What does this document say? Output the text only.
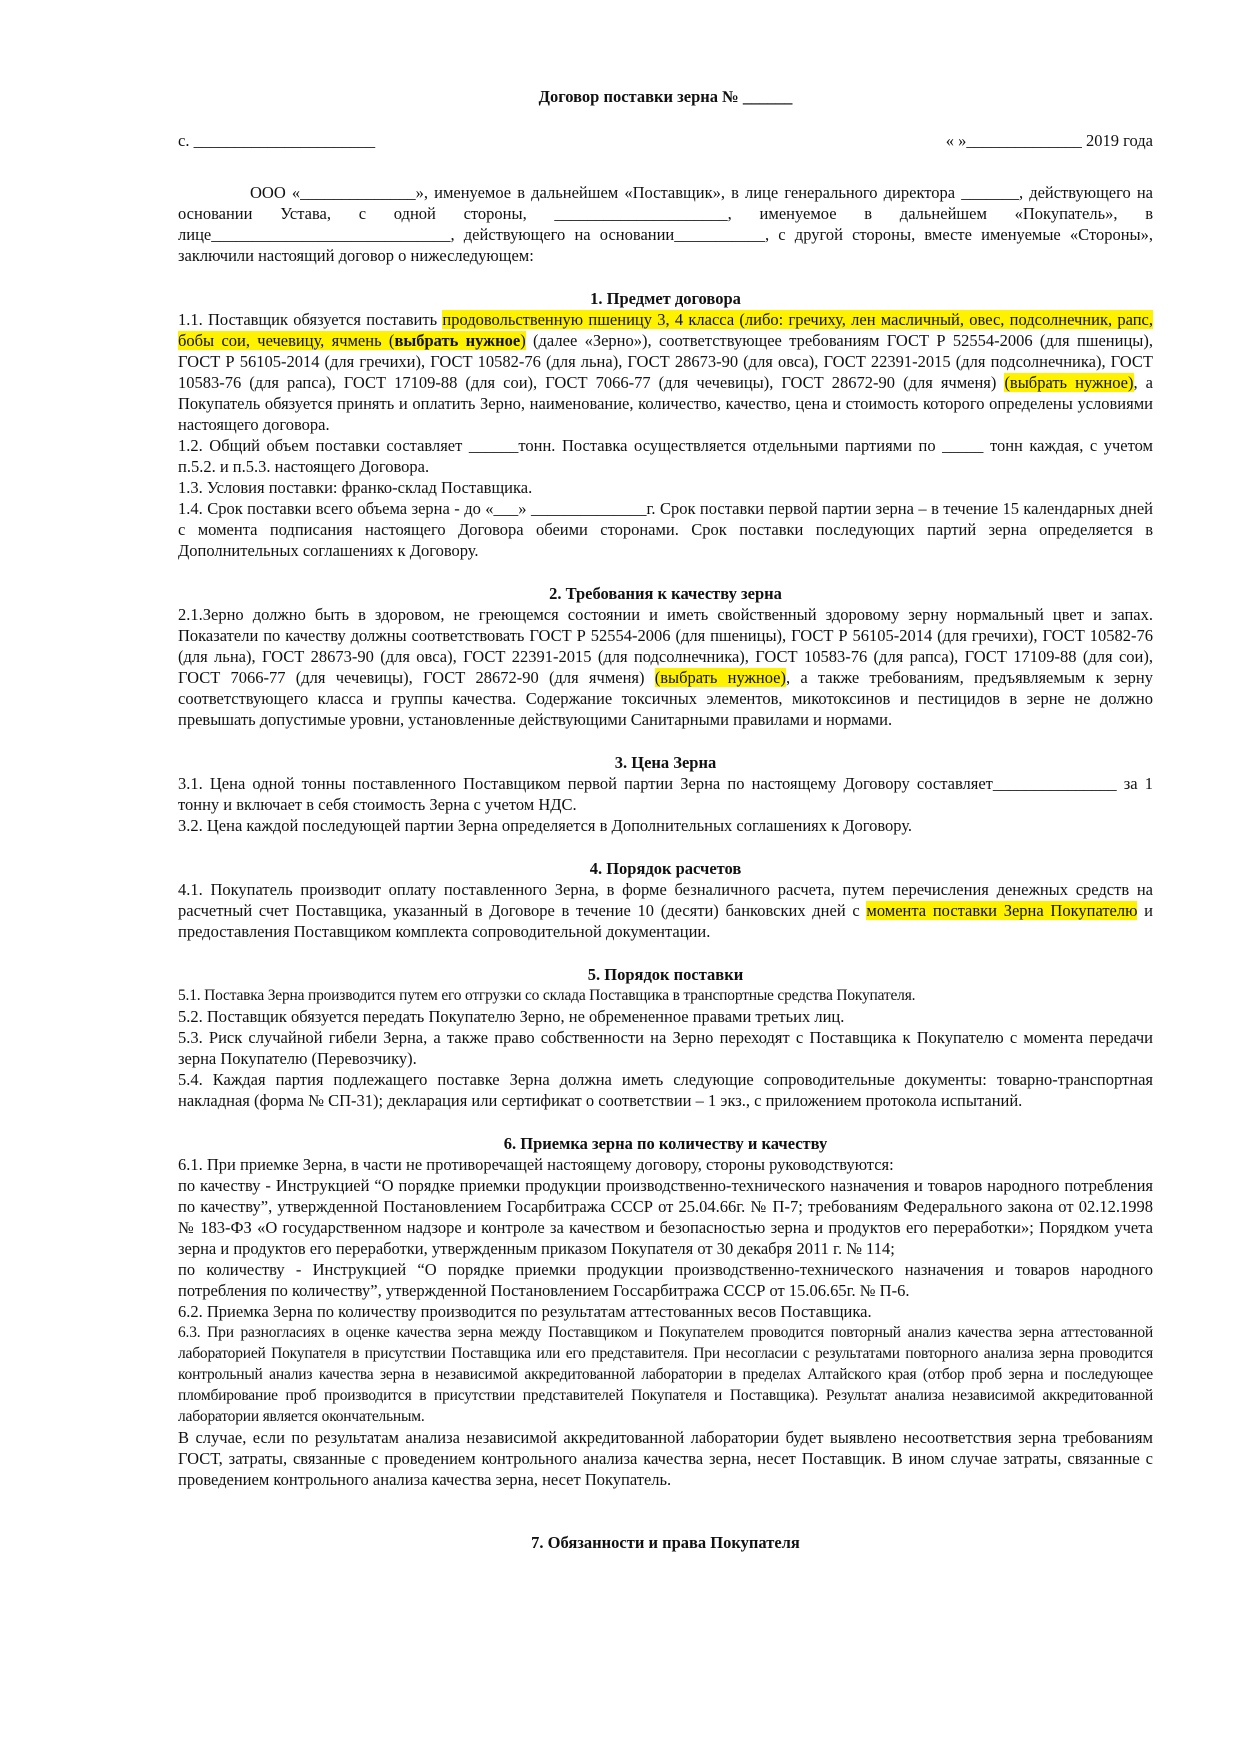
Договор поставки зерна № ______
с. ______________________	« »______________ 2019 года

ООО «______________», именуемое в дальнейшем «Поставщик», в лице генерального директора _______, действующего на основании Устава, с одной стороны, _____________________, именуемое в дальнейшем «Покупатель», в лице_____________________________, действующего на основании___________, с другой стороны, вместе именуемые «Стороны», заключили настоящий договор о нижеследующем:

1. Предмет договора

1.1. Поставщик обязуется поставить продовольственную пшеницу 3, 4 класса (либо: гречиху, лен масличный, овес, подсолнечник, рапс, бобы сои, чечевицу, ячмень (выбрать нужное) (далее «Зерно»), соответствующее требованиям ГОСТ Р 52554-2006 (для пшеницы), ГОСТ Р 56105-2014 (для гречихи), ГОСТ 10582-76 (для льна), ГОСТ 28673-90 (для овса), ГОСТ 22391-2015 (для подсолнечника), ГОСТ 10583-76 (для рапса), ГОСТ 17109-88 (для сои), ГОСТ 7066-77 (для чечевицы), ГОСТ 28672-90 (для ячменя) (выбрать нужное), а Покупатель обязуется принять и оплатить Зерно, наименование, количество, качество, цена и стоимость которого определены условиями настоящего договора.

1.2. Общий объем поставки составляет ______тонн. Поставка осуществляется отдельными партиями по _____ тонн каждая, с учетом п.5.2. и п.5.3. настоящего Договора.

1.3. Условия поставки: франко-склад Поставщика.

1.4. Срок поставки всего объема зерна - до «___» ______________г. Срок поставки первой партии зерна – в течение 15 календарных дней с момента подписания настоящего Договора обеими сторонами. Срок поставки последующих партий зерна определяется в Дополнительных соглашениях к Договору.

2. Требования к качеству зерна

2.1.Зерно должно быть в здоровом, не греющемся состоянии и иметь свойственный здоровому зерну нормальный цвет и запах. Показатели по качеству должны соответствовать ГОСТ Р 52554-2006 (для пшеницы), ГОСТ Р 56105-2014 (для гречихи), ГОСТ 10582-76 (для льна), ГОСТ 28673-90 (для овса), ГОСТ 22391-2015 (для подсолнечника), ГОСТ 10583-76 (для рапса), ГОСТ 17109-88 (для сои), ГОСТ 7066-77 (для чечевицы), ГОСТ 28672-90 (для ячменя) (выбрать нужное), а также требованиям, предъявляемым к зерну соответствующего класса и группы качества. Содержание токсичных элементов, микотоксинов и пестицидов в зерне не должно превышать допустимые уровни, установленные действующими Санитарными правилами и нормами.

3. Цена Зерна

3.1. Цена одной тонны поставленного Поставщиком первой партии Зерна по настоящему Договору составляет_______________ за 1 тонну и включает в себя стоимость Зерна с учетом НДС.

3.2. Цена каждой последующей партии Зерна определяется в Дополнительных соглашениях к Договору.

4. Порядок расчетов

4.1. Покупатель производит оплату поставленного Зерна, в форме безналичного расчета, путем перечисления денежных средств на расчетный счет Поставщика, указанный в Договоре в течение 10 (десяти) банковских дней с момента поставки Зерна Покупателю и предоставления Поставщиком комплекта сопроводительной документации.

5. Порядок поставки

5.1. Поставка Зерна производится путем его отгрузки со склада Поставщика в транспортные средства Покупателя.

5.2. Поставщик обязуется передать Покупателю Зерно, не обремененное правами третьих лиц.

5.3. Риск случайной гибели Зерна, а также право собственности на Зерно переходят с Поставщика к Покупателю с момента передачи зерна Покупателю (Перевозчику).

5.4. Каждая партия подлежащего поставке Зерна должна иметь следующие сопроводительные документы: товарно-транспортная накладная (форма № СП-31); декларация или сертификат о соответствии – 1 экз., с приложением протокола испытаний.

6. Приемка зерна по количеству и качеству

6.1. При приемке Зерна, в части не противоречащей настоящему договору, стороны руководствуются:

по качеству - Инструкцией “О порядке приемки продукции производственно-технического назначения и товаров народного потребления по качеству”, утвержденной Постановлением Госарбитража СССР от 25.04.66г. № П-7; требованиям Федерального закона от 02.12.1998 № 183-ФЗ «О государственном надзоре и контроле за качеством и безопасностью зерна и продуктов его переработки»; Порядком учета зерна и продуктов его переработки, утвержденным приказом Покупателя от 30 декабря 2011 г. № 114;

по количеству - Инструкцией “О порядке приемки продукции производственно-технического назначения и товаров народного потребления по количеству”, утвержденной Постановлением Госсарбитража СССР от 15.06.65г. № П-6.

6.2. Приемка Зерна по количеству производится по результатам аттестованных весов Поставщика.

6.3. При разногласиях в оценке качества зерна между Поставщиком и Покупателем проводится повторный анализ качества зерна аттестованной лабораторией Покупателя в присутствии Поставщика или его представителя. При несогласии с результатами повторного анализа зерна проводится контрольный анализ качества зерна в независимой аккредитованной лаборатории в пределах Алтайского края (отбор проб зерна и последующее пломбирование проб производится в присутствии представителей Покупателя и Поставщика). Результат анализа независимой аккредитованной лаборатории является окончательным.

В случае, если по результатам анализа независимой аккредитованной лаборатории будет выявлено несоответствия зерна требованиям ГОСТ, затраты, связанные с проведением контрольного анализа качества зерна, несет Поставщик. В ином случае затраты, связанные с проведением контрольного анализа качества зерна, несет Покупатель.

7. Обязанности и права Покупателя
